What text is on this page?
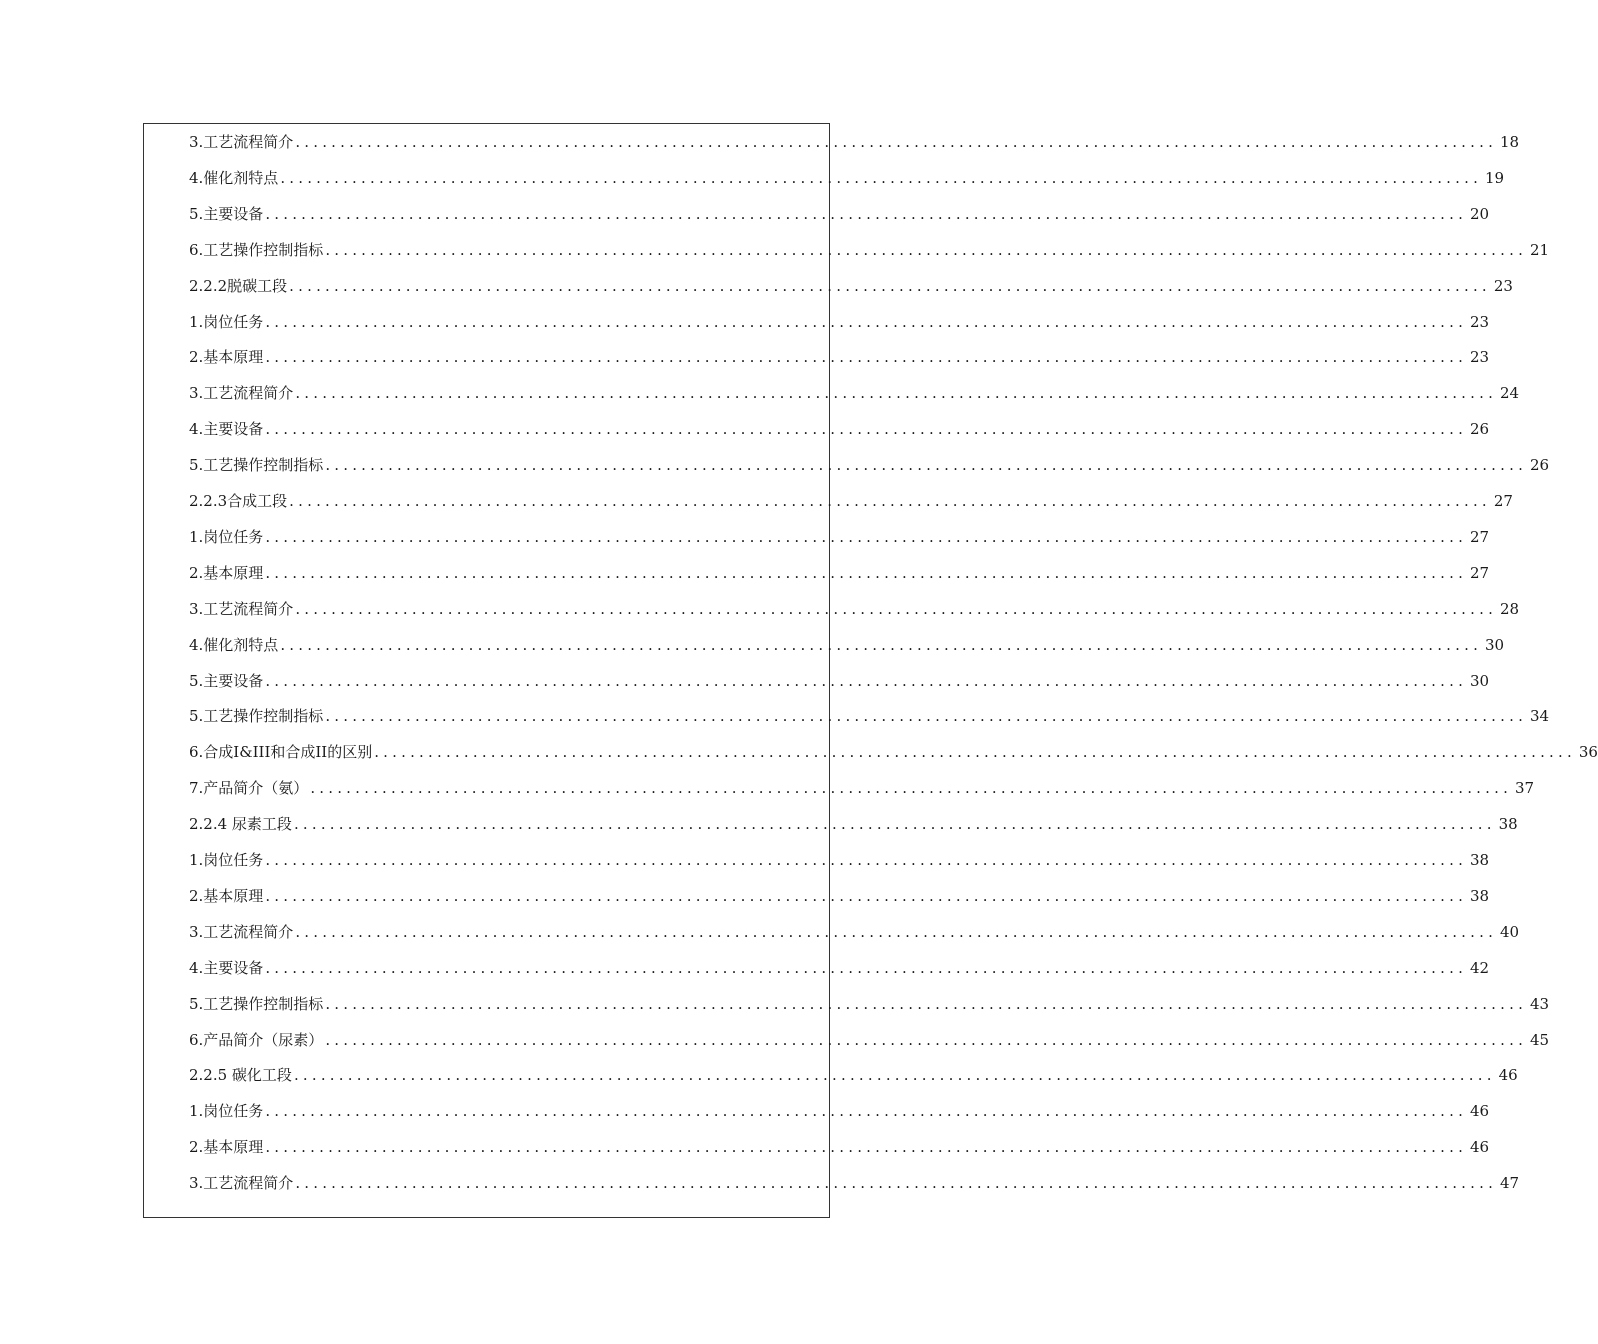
3.工艺流程简介 ...................................................................................................................................... 18
4.催化剂特点 ...................................................................................................................................... 19
5.主要设备 ...................................................................................................................................... 20
6.工艺操作控制指标 ...................................................................................................................................... 21
2.2.2脱碳工段 ...................................................................................................................................... 23
1.岗位任务 ...................................................................................................................................... 23
2.基本原理 ...................................................................................................................................... 23
3.工艺流程简介 ...................................................................................................................................... 24
4.主要设备 ...................................................................................................................................... 26
5.工艺操作控制指标 ...................................................................................................................................... 26
2.2.3合成工段 ...................................................................................................................................... 27
1.岗位任务 ...................................................................................................................................... 27
2.基本原理 ...................................................................................................................................... 27
3.工艺流程简介 ...................................................................................................................................... 28
4.催化剂特点 ...................................................................................................................................... 30
5.主要设备 ...................................................................................................................................... 30
5.工艺操作控制指标 ...................................................................................................................................... 34
6.合成I&III和合成II的区别 ...................................................................................................................................... 36
7.产品简介（氨） ...................................................................................................................................... 37
2.2.4 尿素工段 ...................................................................................................................................... 38
1.岗位任务 ...................................................................................................................................... 38
2.基本原理 ...................................................................................................................................... 38
3.工艺流程简介 ...................................................................................................................................... 40
4.主要设备 ...................................................................................................................................... 42
5.工艺操作控制指标 ...................................................................................................................................... 43
6.产品简介（尿素） ...................................................................................................................................... 45
2.2.5 碳化工段 ...................................................................................................................................... 46
1.岗位任务 ...................................................................................................................................... 46
2.基本原理 ...................................................................................................................................... 46
3.工艺流程简介 ...................................................................................................................................... 47
